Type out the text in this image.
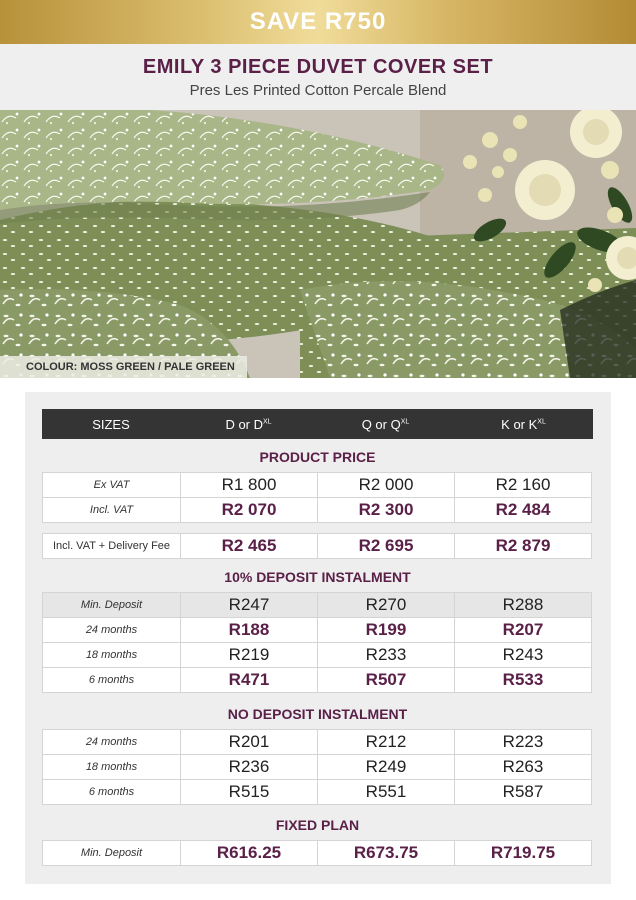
SAVE R750
EMILY 3 PIECE DUVET COVER SET
Pres Les Printed Cotton Percale Blend
COLOUR: MOSS GREEN / PALE GREEN
SIZES	D or $D^{XL}$	Q or $Q^{XL}$	K or $K^{XL}$
PRODUCT PRICE
Ex VAT	R1 800	R2 000	R2 160
Incl. VAT	R2 070	R2 300	R2 484
Incl. VAT + Delivery Fee	R2 465	R2 695	R2 879
10% DEPOSIT INSTALMENT
Min. Deposit	R247	R270	R288
24 months	R188	R199	R207
18 months	R219	R233	R243
6 months	R471	R507	R533
NO DEPOSIT INSTALMENT
24 months	R201	R212	R223
18 months	R236	R249	R263
6 months	R515	R551	R587
FIXED PLAN
Min. Deposit	R616.25	R673.75	R719.75
